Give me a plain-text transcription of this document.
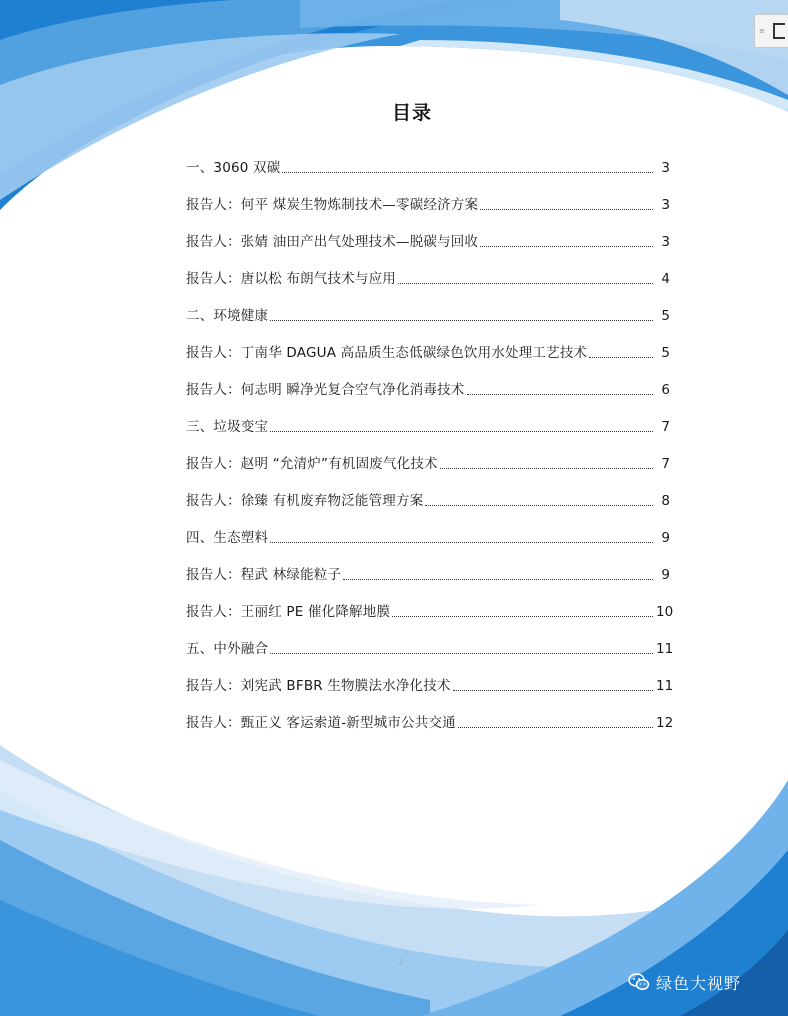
≡
目录
一、3060 双碳	3
报告人：何平 煤炭生物炼制技术—零碳经济方案	3
报告人：张婧 油田产出气处理技术—脱碳与回收	3
报告人：唐以松 布朗气技术与应用	4
二、环境健康	5
报告人：丁南华 DAGUA 高品质生态低碳绿色饮用水处理工艺技术	5
报告人：何志明 瞬净光复合空气净化消毒技术	6
三、垃圾变宝	7
报告人：赵明 “允清炉”有机固废气化技术	7
报告人：徐臻 有机废弃物泛能管理方案	8
四、生态塑料	9
报告人：程武 林绿能粒子	9
报告人：王丽红 PE 催化降解地膜	10
五、中外融合	11
报告人：刘宪武 BFBR 生物膜法水净化技术	11
报告人：甄正义 客运索道-新型城市公共交通	12
2
绿色大视野
